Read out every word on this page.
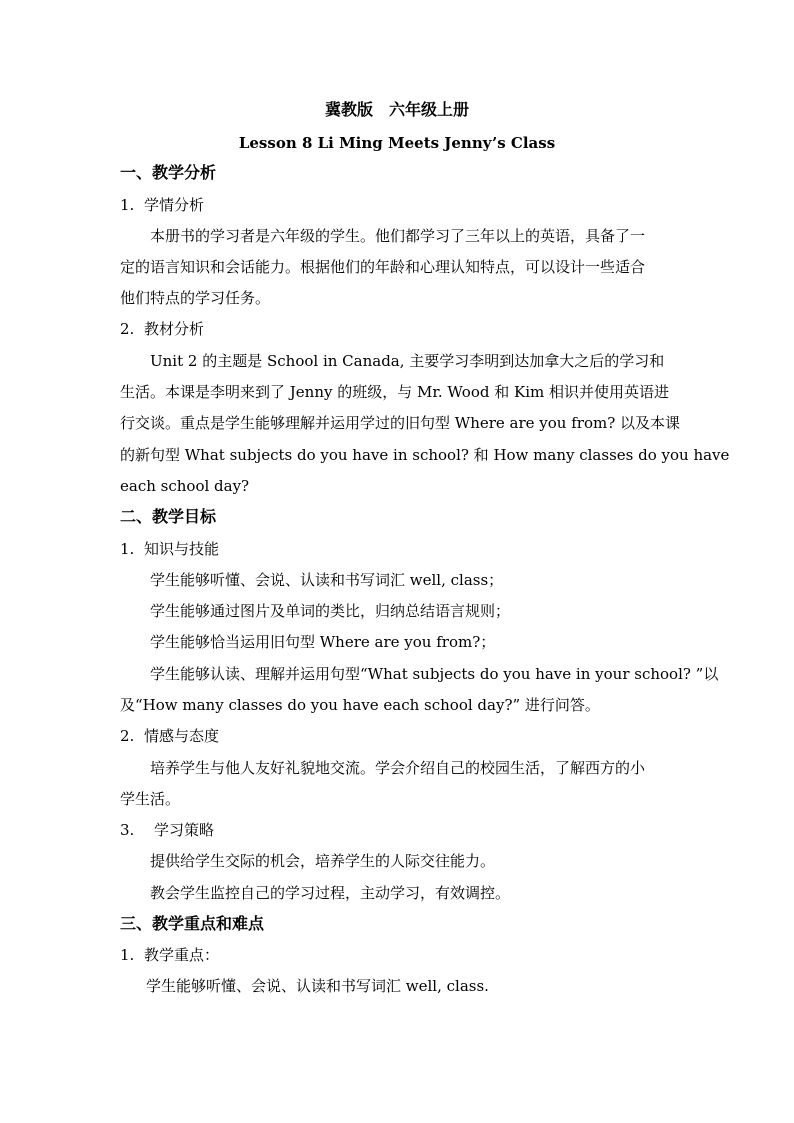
冀教版　六年级上册
Lesson 8 Li Ming Meets Jenny’s Class
一、教学分析
1. 学情分析
本册书的学习者是六年级的学生。他们都学习了三年以上的英语，具备了一
定的语言知识和会话能力。根据他们的年龄和心理认知特点，可以设计一些适合
他们特点的学习任务。
2. 教材分析
Unit 2 的主题是 School in Canada, 主要学习李明到达加拿大之后的学习和
生活。本课是李明来到了 Jenny 的班级，与 Mr. Wood 和 Kim 相识并使用英语进
行交谈。重点是学生能够理解并运用学过的旧句型 Where are you from? 以及本课
的新句型 What subjects do you have in school? 和 How many classes do you have
each school day?
二、教学目标
1. 知识与技能
学生能够听懂、会说、认读和书写词汇 well, class；
学生能够通过图片及单词的类比，归纳总结语言规则；
学生能够恰当运用旧句型 Where are you from?；
学生能够认读、理解并运用句型“What subjects do you have in your school? ”以
及“How many classes do you have each school day?” 进行问答。
2. 情感与态度
培养学生与他人友好礼貌地交流。学会介绍自己的校园生活，了解西方的小
学生活。
3. 学习策略
提供给学生交际的机会，培养学生的人际交往能力。
教会学生监控自己的学习过程，主动学习，有效调控。
三、教学重点和难点
1. 教学重点：
学生能够听懂、会说、认读和书写词汇 well, class.
